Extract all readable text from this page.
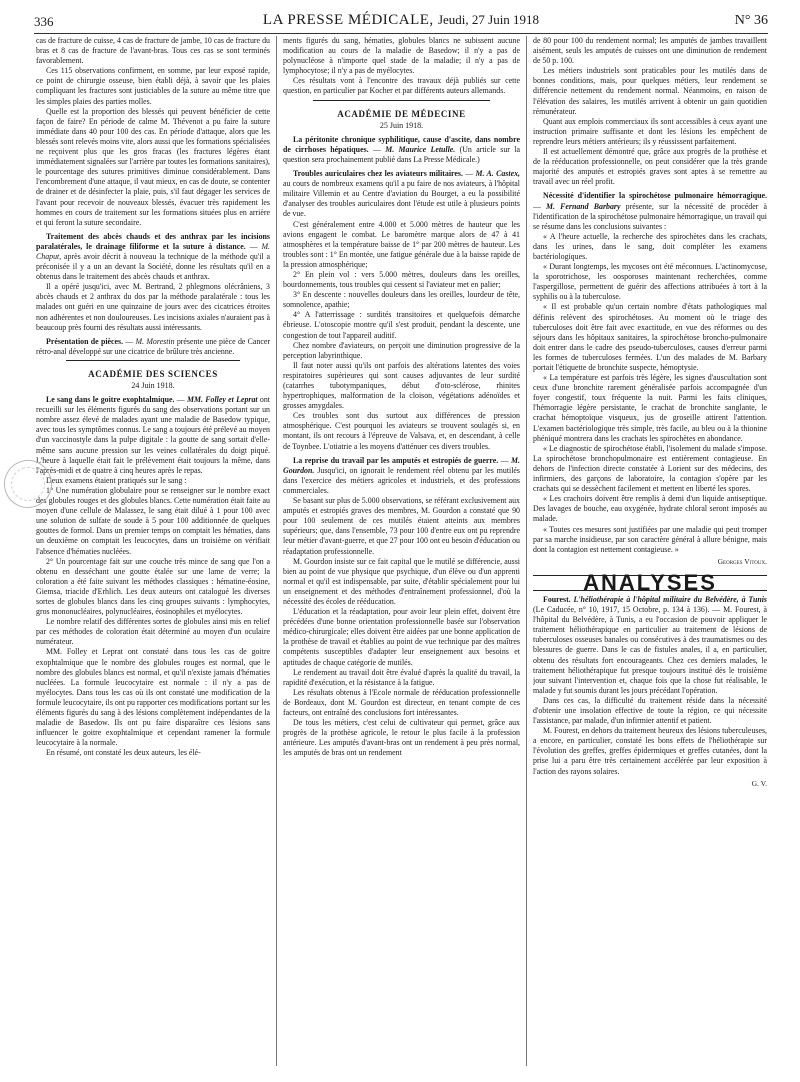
336	LA PRESSE MÉDICALE, Jeudi, 27 Juin 1918	N° 36

cas de fracture de cuisse, 4 cas de fracture de jambe, 10 cas de fracture du bras et 8 cas de fracture de l'avant-bras. Tous ces cas se sont terminés favorablement.

Ces 115 observations confirment, en somme, par leur exposé rapide, ce point de chirurgie osseuse, bien établi déjà, à savoir que les plaies compliquant les fractures sont justiciables de la suture au même titre que les simples plaies des parties molles.

Quelle est la proportion des blessés qui peuvent bénéficier de cette façon de faire? En période de calme M. Thévenot a pu faire la suture immédiate dans 40 pour 100 des cas. En période d'attaque, alors que les blessés sont relevés moins vite, alors aussi que les formations spécialisées ne reçoivent plus que les gros fracas (les fractures légères étant immédiatement signalées sur l'arrière par toutes les formations sanitaires), le pourcentage des sutures primitives diminue considérablement. Dans l'encombrement d'une attaque, il vaut mieux, en cas de doute, se contenter de drainer et de désinfecter la plaie, puis, s'il faut dégager les services de l'avant pour recevoir de nouveaux blessés, évacuer très rapidement les hommes en cours de traitement sur les formations situées plus en arrière et qui feront la suture secondaire.

Traitement des abcès chauds et des anthrax par les incisions paralatérales, le drainage filiforme et la suture à distance. — M. Chaput, après avoir décrit à nouveau la technique de la méthode qu'il a préconisée il y a un an devant la Société, donne les résultats qu'il en a obtenus dans le traitement des abcès chauds et anthrax.

Il a opéré jusqu'ici, avec M. Bertrand, 2 phlegmons olécrâniens, 3 abcès chauds et 2 anthrax du dos par la méthode paralatérale : tous les malades ont guéri en une quinzaine de jours avec des cicatrices étroites non adhérentes et non douloureuses. Les incisions axiales n'auraient pas à beaucoup près fourni des résultats aussi intéressants.

Présentation de pièces. — M. Morestin présente une pièce de Cancer rétro-anal développé sur une cicatrice de brûlure très ancienne.

ACADÉMIE DES SCIENCES
24 Juin 1918.

Le sang dans le goitre exophtalmique. — MM. Folley et Leprat ont recueilli sur les éléments figurés du sang des observations portant sur un nombre assez élevé de malades ayant une maladie de Basedow typique, avec tous les symptômes connus. Le sang a toujours été prélevé au moyen d'un vaccinostyle dans la pulpe digitale : la goutte de sang sortait d'elle-même sans aucune pression sur les veines collatérales du doigt piqué. L'heure à laquelle était fait le prélèvement était toujours la même, dans l'après-midi et de quatre à cinq heures après le repas.

Deux examens étaient pratiqués sur le sang :

1° Une numération globulaire pour se renseigner sur le nombre exact des globules rouges et des globules blancs. Cette numération était faite au moyen d'une cellule de Malassez, le sang était dilué à 1 pour 100 avec une solution de sulfate de soude à 5 pour 100 additionnée de quelques gouttes de formol. Dans un premier temps on comptait les hématies, dans un deuxième on comptait les leucocytes, dans un troisième on vérifiait l'absence d'hématies nucléées.

2° Un pourcentage fait sur une couche très mince de sang que l'on a obtenu en desséchant une goutte étalée sur une lame de verre; la coloration a été faite suivant les méthodes classiques : hématine-éosine, Giemsa, triacide d'Erhlich. Les deux auteurs ont catalogué les diverses sortes de globules blancs dans les cinq groupes suivants : lymphocytes, gros mononucléaires, polynucléaires, éosinophiles et myélocytes.

Le nombre relatif des différentes sortes de globules ainsi mis en relief par ces méthodes de coloration était déterminé au moyen d'un oculaire numérateur.

MM. Folley et Leprat ont constaté dans tous les cas de goitre exophtalmique que le nombre des globules rouges est normal, que le nombre des globules blancs est normal, et qu'il n'existe jamais d'hématies nucléées. La formule leucocytaire est normale : il n'y a pas de myélocytes. Dans tous les cas où ils ont constaté une modification de la formule leucocytaire, ils ont pu rapporter ces modifications portant sur les éléments figurés du sang à des lésions complètement indépendantes de la maladie de Basedow. Ils ont pu faire disparaître ces lésions sans influencer le goitre exophtalmique et cependant ramener la formule leucocytaire à la normale.

En résumé, ont constaté les deux auteurs, les élé-

ments figurés du sang, hématies, globules blancs ne subissent aucune modification au cours de la maladie de Basedow; il n'y a pas de polynucléose à n'importe quel stade de la maladie; il n'y a pas de lymphocytose; il n'y a pas de myélocytes.

Ces résultats vont à l'encontre des travaux déjà publiés sur cette question, en particulier par Kocher et par différents auteurs allemands.

ACADÉMIE DE MÉDECINE
25 Juin 1918.

La péritonite chronique syphilitique, cause d'ascite, dans nombre de cirrhoses hépatiques. — M. Maurice Letulle. (Un article sur la question sera prochainement publié dans La Presse Médicale.)

Troubles auriculaires chez les aviateurs militaires. — M. A. Castex, au cours de nombreux examens qu'il a pu faire de nos aviateurs, à l'hôpital militaire Villemin et au Centre d'aviation du Bourget, a eu la possibilité d'analyser des troubles auriculaires dont l'étude est utile à plusieurs points de vue.

C'est généralement entre 4.000 et 5.000 mètres de hauteur que les avions engagent le combat. Le baromètre marque alors de 47 à 41 atmosphères et la température baisse de 1° par 200 mètres de hauteur. Les troubles sont : 1° En montée, une fatigue générale due à la baisse rapide de la pression atmosphérique;

2° En plein vol : vers 5.000 mètres, douleurs dans les oreilles, bourdonnements, tous troubles qui cessent si l'aviateur met en palier;

3° En descente : nouvelles douleurs dans les oreilles, lourdeur de tête, somnolence, apathie;

4° A l'atterrissage : surdités transitoires et quelquefois démarche ébrieuse. L'otoscopie montre qu'il s'est produit, pendant la descente, une congestion de tout l'appareil auditif.

Chez nombre d'aviateurs, on perçoit une diminution progressive de la perception labyrinthique.

Il faut noter aussi qu'ils ont parfois des altérations latentes des voies respiratoires supérieures qui sont causes adjuvantes de leur surdité (catarrhes tubotympaniques, début d'oto-sclérose, rhinites hypertrophiques, malformation de la cloison, végétations adénoïdes et grosses amygdales.

Ces troubles sont dus surtout aux différences de pression atmosphérique. C'est pourquoi les aviateurs se trouvent soulagés si, en montant, ils ont recours à l'épreuve de Valsava, et, en descendant, à celle de Toynbee. L'otiatrie a les moyens d'atténuer ces divers troubles.

La reprise du travail par les amputés et estropiés de guerre. — M. Gourdon. Jusqu'ici, on ignorait le rendement réel obtenu par les mutilés dans l'exercice des métiers agricoles et industriels, et des professions commerciales.

Se basant sur plus de 5.000 observations, se référant exclusivement aux amputés et estropiés graves des membres, M. Gourdon a constaté que 90 pour 100 seulement de ces mutilés étaient atteints aux membres supérieurs; que, dans l'ensemble, 73 pour 100 d'entre eux ont pu reprendre leur métier d'avant-guerre, et que 27 pour 100 ont eu besoin d'éducation ou réadaptation professionnelle.

M. Gourdon insiste sur ce fait capital que le mutilé se différencie, aussi bien au point de vue physique que psychique, d'un élève ou d'un apprenti normal et qu'il est indispensable, par suite, d'établir spécialement pour lui un enseignement et des méthodes d'entraînement professionnel, d'où la nécessité des écoles de rééducation.

L'éducation et la réadaptation, pour avoir leur plein effet, doivent être précédées d'une bonne orientation professionnelle basée sur l'observation médico-chirurgicale; elles doivent être aidées par une bonne application de la prothèse de travail et établies au point de vue technique par des maîtres compétents susceptibles d'adapter leur enseignement aux besoins et aptitudes de chaque catégorie de mutilés.

Le rendement au travail doit être évalué d'après la qualité du travail, la rapidité d'exécution, et la résistance à la fatigue.

Les résultats obtenus à l'Ecole normale de rééducation professionnelle de Bordeaux, dont M. Gourdon est directeur, en tenant compte de ces facteurs, ont entraîné des conclusions fort intéressantes.

De tous les métiers, c'est celui de cultivateur qui permet, grâce aux progrès de la prothèse agricole, le retour le plus facile à la profession antérieure. Les amputés d'avant-bras ont un rendement à peu près normal, les amputés de bras ont un rendement

de 80 pour 100 du rendement normal; les amputés de jambes travaillent aisément, seuls les amputés de cuisses ont une diminution de rendement de 50 p. 100.

Les métiers industriels sont praticables pour les mutilés dans de bonnes conditions, mais, pour quelques métiers, leur rendement se différencie nettement du rendement normal. Néanmoins, en raison de l'élévation des salaires, les mutilés arrivent à obtenir un gain quotidien rémunérateur.

Quant aux emplois commerciaux ils sont accessibles à ceux ayant une instruction primaire suffisante et dont les lésions les empêchent de reprendre leurs métiers antérieurs; ils y réussissent parfaitement.

Il est actuellement démontré que, grâce aux progrès de la prothèse et de la rééducation professionnelle, on peut considérer que la très grande majorité des amputés et estropiés graves sont aptes à se remettre au travail avec un réel profit.

Nécessité d'identifier la spirochétose pulmonaire hémorragique. — M. Fernand Barbary présente, sur la nécessité de procéder à l'identification de la spirochétose pulmonaire hémorragique, un travail qui se résume dans les conclusions suivantes :

« A l'heure actuelle, la recherche des spirochètes dans les crachats, dans les urines, dans le sang, doit compléter les examens bactériologiques.

« Durant longtemps, les mycoses ont été méconnues. L'actinomycose, la sporotrichose, les oosporoses maintenant recherchées, comme l'aspergillose, permettent de guérir des affections attribuées à tort à la syphilis ou à la tuberculose.

« Il est probable qu'un certain nombre d'états pathologiques mal définis relèvent des spirochétoses. Au moment où le triage des tuberculoses doit être fait avec exactitude, en vue des réformes ou des séjours dans les hôpitaux sanitaires, la spirochétose broncho-pulmonaire doit entrer dans le cadre des pseudo-tuberculoses, causes d'erreur parmi les formes de tuberculoses fermées. L'un des malades de M. Barbary portait l'étiquette de bronchite suspecte, hémoptysie.

« La température est parfois très légère, les signes d'auscultation sont ceux d'une bronchite rarement généralisée parfois accompagnée d'un foyer congestif, toux fréquente la nuit. Parmi les faits cliniques, l'hémorragie légère persistante, le crachat de bronchite sanglante, le crachat hémoptoïque visqueux, jus de groseille attirent l'attention. L'examen bactériologique très simple, très facile, au bleu ou à la thionine phéniqué montrera dans les crachats les spirochètes en abondance.

« Le diagnostic de spirochétose établi, l'isolement du malade s'impose. La spirochétose bronchopulmonaire est entièrement contagieuse. En dehors de l'infection directe constatée à Lorient sur des médecins, des infirmiers, des garçons de laboratoire, la contagion s'opère par les crachats qui se dessèchent facilement et mettent en liberté les spores.

« Les crachoirs doivent être remplis à demi d'un liquide antiseptique. Des lavages de bouche, eau oxygénée, hydrate chloral seront imposés au malade.

« Toutes ces mesures sont justifiées par une maladie qui peut tromper par sa marche insidieuse, par son caractère général à allure bénigne, mais dont la contagion est nettement contagieuse. »

Georges Vitoux.
ANALYSES

Fourest. L'héliothérapie à l'hôpital militaire du Belvédère, à Tunis (Le Caducée, n° 10, 1917, 15 Octobre, p. 134 à 136). — M. Fourest, à l'hôpital du Belvédère, à Tunis, a eu l'occasion de pouvoir appliquer le traitement héliothérapique en particulier au traitement de lésions de tuberculoses osseuses banales ou consécutives à des traumatismes ou des blessures de guerre. Dans le cas de fistules anales, il a, en particulier, obtenu des résultats fort encourageants. Chez ces derniers malades, le traitement héliothérapique fut presque toujours institué dès le troisième jour suivant l'intervention et, chaque fois que la chose fut réalisable, le malade y fut soumis durant les jours précédant l'opération.

Dans ces cas, la difficulté du traitement réside dans la nécessité d'obtenir une insolation effective de toute la région, ce qui nécessite l'assistance, par malade, d'un infirmier attentif et patient.

M. Fourest, en dehors du traitement heureux des lésions tuberculeuses, a encore, en particulier, constaté les bons effets de l'héliothérapie sur l'évolution des greffes, greffes épidermiques et greffes cutanées, dont la prise lui a paru être très certainement accélérée par leur exposition à l'action des rayons solaires.

G. V.
